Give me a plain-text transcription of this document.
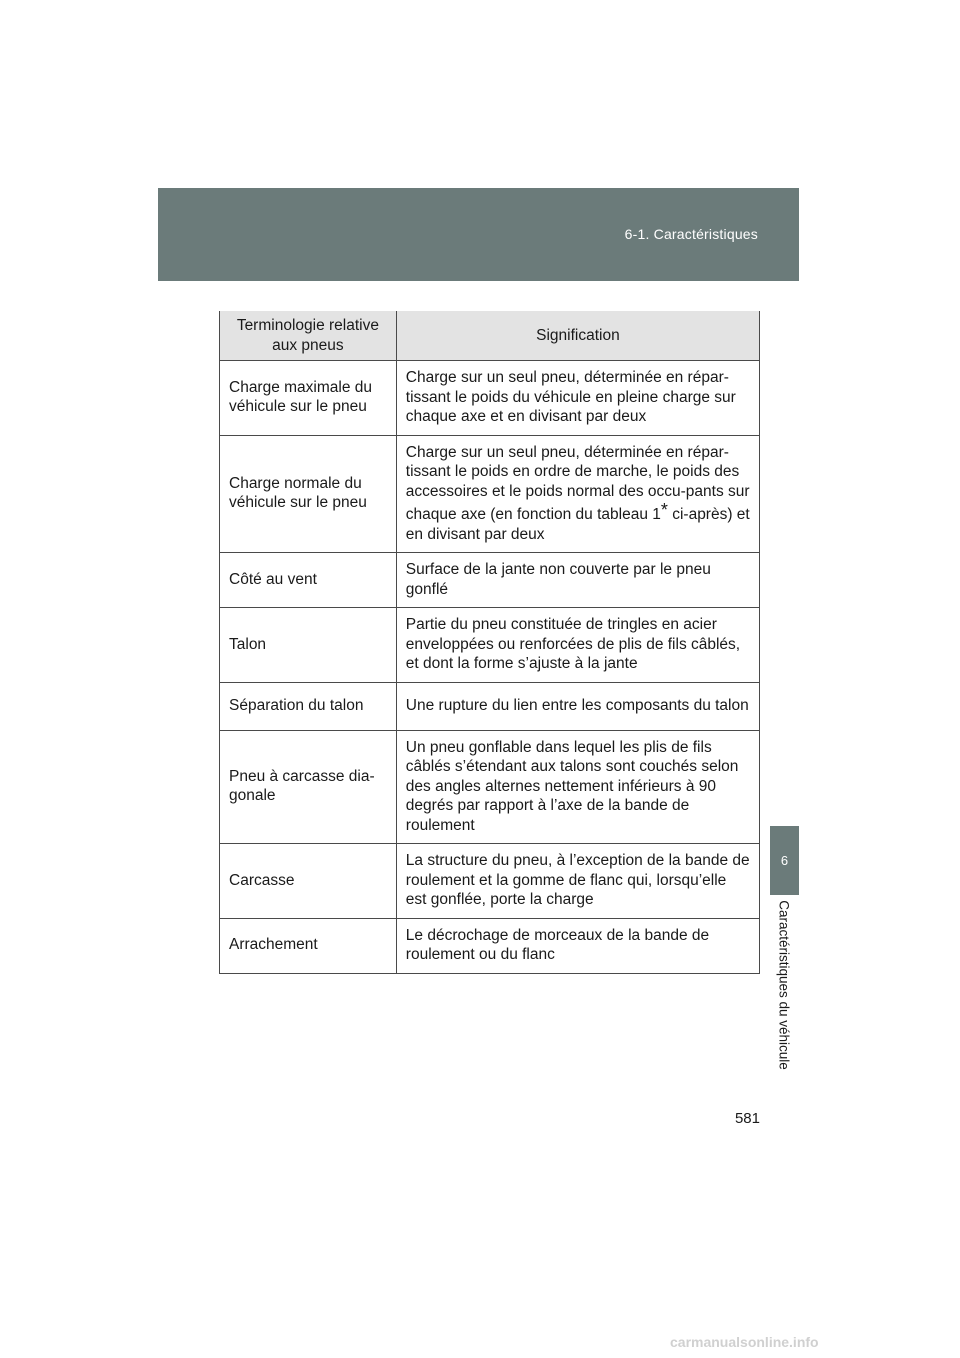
6-1. Caractéristiques
Terminologie relative aux pneus	Signification
Charge maximale du véhicule sur le pneu	Charge sur un seul pneu, déterminée en répar-tissant le poids du véhicule en pleine charge sur chaque axe et en divisant par deux
Charge normale du véhicule sur le pneu	Charge sur un seul pneu, déterminée en répar-tissant le poids en ordre de marche, le poids des accessoires et le poids normal des occu-pants sur chaque axe (en fonction du tableau 1* ci-après) et en divisant par deux
Côté au vent	Surface de la jante non couverte par le pneu gonflé
Talon	Partie du pneu constituée de tringles en acier enveloppées ou renforcées de plis de fils câblés, et dont la forme s’ajuste à la jante
Séparation du talon	Une rupture du lien entre les composants du talon
Pneu à carcasse dia-gonale	Un pneu gonflable dans lequel les plis de fils câblés s’étendant aux talons sont couchés selon des angles alternes nettement inférieurs à 90 degrés par rapport à l’axe de la bande de roulement
Carcasse	La structure du pneu, à l’exception de la bande de roulement et la gomme de flanc qui, lorsqu’elle est gonflée, porte la charge
Arrachement	Le décrochage de morceaux de la bande de roulement ou du flanc
6
Caractéristiques du véhicule
581
carmanualsonline.info
